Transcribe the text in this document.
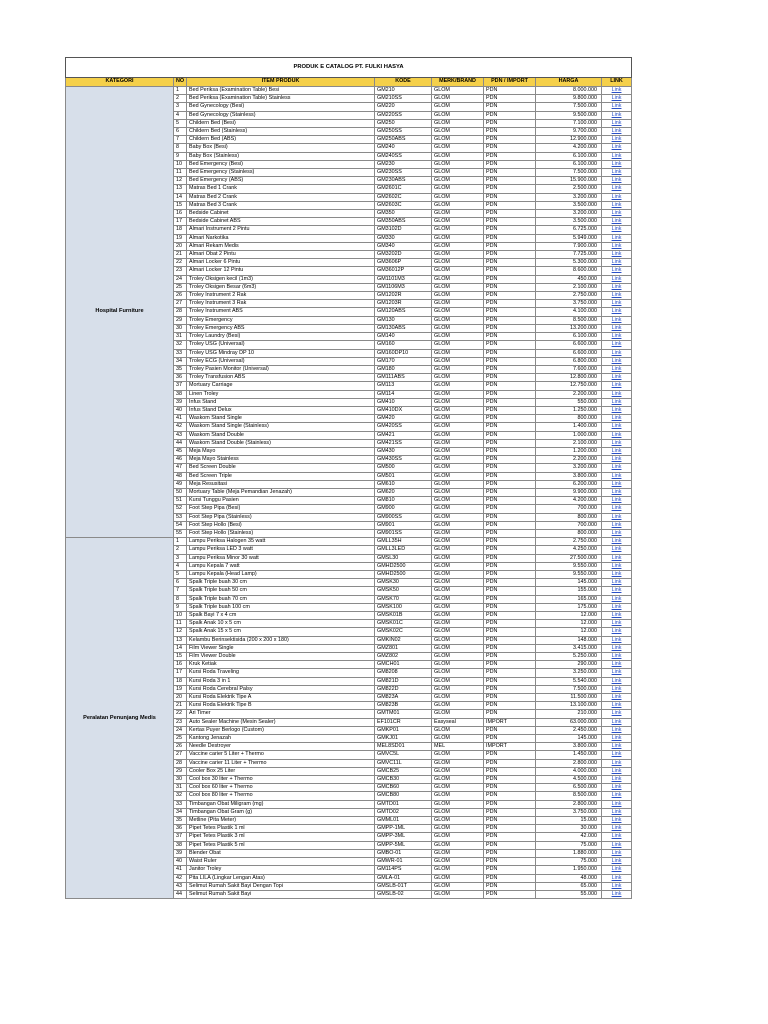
PRODUK E CATALOG PT. FULKI HASYA							
KATEGORI	NO	ITEM PRODUK	KODE	MERK/BRAND	PDN / IMPORT	HARGA	LINK
Hospital Furniture	1	Bed Periksa (Examination Table) Besi	GM210	GLOM	PDN	8.000.000	Link
	2	Bed Periksa (Examination Table) Stainless	GM210SS	GLOM	PDN	9.800.000	Link
	3	Bed Gynecology (Besi)	GM220	GLOM	PDN	7.500.000	Link
	4	Bed Gynecology (Stainless)	GM220SS	GLOM	PDN	9.500.000	Link
	5	Childern Bed (Besi)	GM250	GLOM	PDN	7.100.000	Link
	6	Childern Bed (Stainless)	GM250SS	GLOM	PDN	9.700.000	Link
	7	Childern Bed (ABS)	GM250ABS	GLOM	PDN	12.900.000	Link
	8	Baby Box (Besi)	GM240	GLOM	PDN	4.200.000	Link
	9	Baby Box (Stainless)	GM240SS	GLOM	PDN	6.100.000	Link
	10	Bed Emergency (Besi)	GM230	GLOM	PDN	6.100.000	Link
	11	Bed Emergency (Stainless)	GM230SS	GLOM	PDN	7.500.000	Link
	12	Bed Emergency (ABS)	GM230ABS	GLOM	PDN	15.900.000	Link
	13	Matras Bed 1 Crank	GM2601C	GLOM	PDN	2.500.000	Link
	14	Matras Bed 2 Crank	GM2602C	GLOM	PDN	3.200.000	Link
	15	Matras Bed 3 Crank	GM2603C	GLOM	PDN	3.500.000	Link
	16	Bedside Cabinet	GM350	GLOM	PDN	3.200.000	Link
	17	Bedside Cabinet ABS	GM350ABS	GLOM	PDN	3.500.000	Link
	18	Almari Instrument 2 Pintu	GM3102D	GLOM	PDN	6.725.000	Link
	19	Almari Narkotika	GM330	GLOM	PDN	5.949.000	Link
	20	Almari Rekam Medis	GM340	GLOM	PDN	7.900.000	Link
	21	Almari Obat 2 Pintu	GM3202D	GLOM	PDN	7.725.000	Link
	22	Almari Locker 6 Pintu	GM3606P	GLOM	PDN	5.300.000	Link
	23	Almari Locker 12 Pintu	GM36012P	GLOM	PDN	8.600.000	Link
	24	Troley Oksigen kecil (1m3)	GM1101M3	GLOM	PDN	450.000	Link
	25	Troley Oksigen Besar (6m3)	GM1106M3	GLOM	PDN	2.100.000	Link
	26	Troley Instrument 2 Rak	GM1202R	GLOM	PDN	2.750.000	Link
	27	Troley Instrument 3 Rak	GM1203R	GLOM	PDN	3.750.000	Link
	28	Troley Instrument ABS	GM120ABS	GLOM	PDN	4.100.000	Link
	29	Troley Emergency	GM130	GLOM	PDN	8.500.000	Link
	30	Troley Emergency ABS	GM130ABS	GLOM	PDN	13.200.000	Link
	31	Troley Laundry (Besi)	GM140	GLOM	PDN	6.100.000	Link
	32	Troley USG (Universal)	GM160	GLOM	PDN	6.600.000	Link
	33	Troley USG Mindray DP 10	GM160DP10	GLOM	PDN	6.600.000	Link
	34	Troley ECG (Universal)	GM170	GLOM	PDN	6.800.000	Link
	35	Troley Pasien Monitor (Universal)	GM180	GLOM	PDN	7.600.000	Link
	36	Troley Transfusion ABS	GM111ABS	GLOM	PDN	12.800.000	Link
	37	Mortuary Carriage	GM113	GLOM	PDN	12.750.000	Link
	38	Linen Troley	GM114	GLOM	PDN	2.200.000	Link
	39	Infus Stand	GM410	GLOM	PDN	550.000	Link
	40	Infus Stand Delux	GM410DX	GLOM	PDN	1.250.000	Link
	41	Waskom Stand Single	GM420	GLOM	PDN	800.000	Link
	42	Waskom Stand Single (Stainless)	GM420SS	GLOM	PDN	1.400.000	Link
	43	Waskom Stand Double	GM421	GLOM	PDN	1.000.000	Link
	44	Waskom Stand Double (Stainless)	GM421SS	GLOM	PDN	2.100.000	Link
	45	Meja Mayo	GM430	GLOM	PDN	1.200.000	Link
	46	Meja Mayo Stainless	GM430SS	GLOM	PDN	2.200.000	Link
	47	Bed Screen Double	GM500	GLOM	PDN	3.200.000	Link
	48	Bed Screen Triple	GM501	GLOM	PDN	3.800.000	Link
	49	Meja Resusitasi	GM610	GLOM	PDN	6.200.000	Link
	50	Mortuary Table (Meja Pemandian Jenazah)	GM620	GLOM	PDN	9.900.000	Link
	51	Kursi Tunggu Pasien	GM810	GLOM	PDN	4.200.000	Link
	52	Foot Step Pipa (Besi)	GM900	GLOM	PDN	700.000	Link
	53	Foot Step Pipa (Stainless)	GM900SS	GLOM	PDN	800.000	Link
	54	Foot Step Hollo (Besi)	GM901	GLOM	PDN	700.000	Link
	55	Foot Step Hollo (Stainless)	GM901SS	GLOM	PDN	800.000	Link
Peralatan Penunjang Medis	1	Lampu Periksa Halogen 35 watt	GMLL35H	GLOM	PDN	2.750.000	Link
	2	Lampu Periksa LED 3 watt	GMLL3LED	GLOM	PDN	4.250.000	Link
	3	Lampu Periksa Minor 30 watt	GMSL30	GLOM	PDN	27.500.000	Link
	4	Lampu Kepala 7 watt	GMHD2500	GLOM	PDN	9.550.000	Link
	5	Lampu Kepala (Head Lamp)	GMHD2500	GLOM	PDN	9.550.000	Link
	6	Spalk Triple buah 30 cm	GMSK30	GLOM	PDN	145.000	Link
	7	Spalk Triple buah 50 cm	GMSK50	GLOM	PDN	155.000	Link
	8	Spalk Triple buah 70 cm	GMSK70	GLOM	PDN	165.000	Link
	9	Spalk Triple buah 100 cm	GMSK100	GLOM	PDN	175.000	Link
	10	Spalk Bayi 7 x 4 cm	GMSK01B	GLOM	PDN	12.000	Link
	11	Spalk Anak 10 x 5 cm	GMSK01C	GLOM	PDN	12.000	Link
	12	Spalk Anak 15 x 5 cm	GMSK02C	GLOM	PDN	12.000	Link
	13	Kelambu Berinsektisida (200 x 200 x 180)	GMKIN02	GLOM	PDN	148.000	Link
	14	Film Viewer Single	GMZ801	GLOM	PDN	3.415.000	Link
	15	Film Viewer Double	GMZ802	GLOM	PDN	5.250.000	Link
	16	Kruk Ketiak	GMCH01	GLOM	PDN	290.000	Link
	17	Kursi Roda Traveling	GM8208	GLOM	PDN	3.250.000	Link
	18	Kursi Roda 3 in 1	GM821D	GLOM	PDN	5.540.000	Link
	19	Kursi Roda Cerebral Palsy	GM822D	GLOM	PDN	7.500.000	Link
	20	Kursi Roda Elektrik Tipe A	GM823A	GLOM	PDN	11.500.000	Link
	21	Kursi Roda Elektrik Tipe B	GM823B	GLOM	PDN	13.100.000	Link
	22	Ari Timer	GMTM01	GLOM	PDN	210.000	Link
	23	Auto Sealer Machine (Mesin Sealer)	EF101CR	Easyseal	IMPORT	63.000.000	Link
	24	Kertas Puyer Berlogo (Custom)	GMKP01	GLOM	PDN	2.450.000	Link
	25	Kantong Jenazah	GMKJ01	GLOM	PDN	145.000	Link
	26	Needle Destroyer	MEL8SD01	MEL	IMPORT	3.800.000	Link
	27	Vaccine carier 5 Liter + Thermo	GMVC5L	GLOM	PDN	1.450.000	Link
	28	Vaccine carier 11 Liter + Thermo	GMVC11L	GLOM	PDN	2.800.000	Link
	29	Cooler Box 25 Liter	GMCB25	GLOM	PDN	4.000.000	Link
	30	Cool box 30 liter + Thermo	GMCB30	GLOM	PDN	4.500.000	Link
	31	Cool box 60 liter + Thermo	GMCB60	GLOM	PDN	6.500.000	Link
	32	Cool box 80 liter + Thermo	GMCB80	GLOM	PDN	8.500.000	Link
	33	Timbangan Obat Miligram (mg)	GMTD01	GLOM	PDN	2.800.000	Link
	34	Timbangan Obat Gram (g)	GMTD02	GLOM	PDN	3.750.000	Link
	35	Metline (Pita Meter)	GMML01	GLOM	PDN	15.000	Link
	36	Pipet Tetes Plastik 1 ml	GMPP-1ML	GLOM	PDN	30.000	Link
	37	Pipet Tetes Plastik 3 ml	GMPP-3ML	GLOM	PDN	42.000	Link
	38	Pipet Tetes Plastik 5 ml	GMPP-5ML	GLOM	PDN	75.000	Link
	39	Blender Obat	GMBO-01	GLOM	PDN	1.880.000	Link
	40	Waist Ruler	GMWR-01	GLOM	PDN	75.000	Link
	41	Janitor Troley	GM114PS	GLOM	PDN	1.950.000	Link
	42	Pita LILA (Lingkar Lengan Atas)	GMLA-01	GLOM	PDN	48.000	Link
	43	Selimut Rumah Sakit Bayi Dengan Topi	GMSLB-01T	GLOM	PDN	65.000	Link
	44	Selimut Rumah Sakit Bayi	GMSLB-02	GLOM	PDN	55.000	Link
